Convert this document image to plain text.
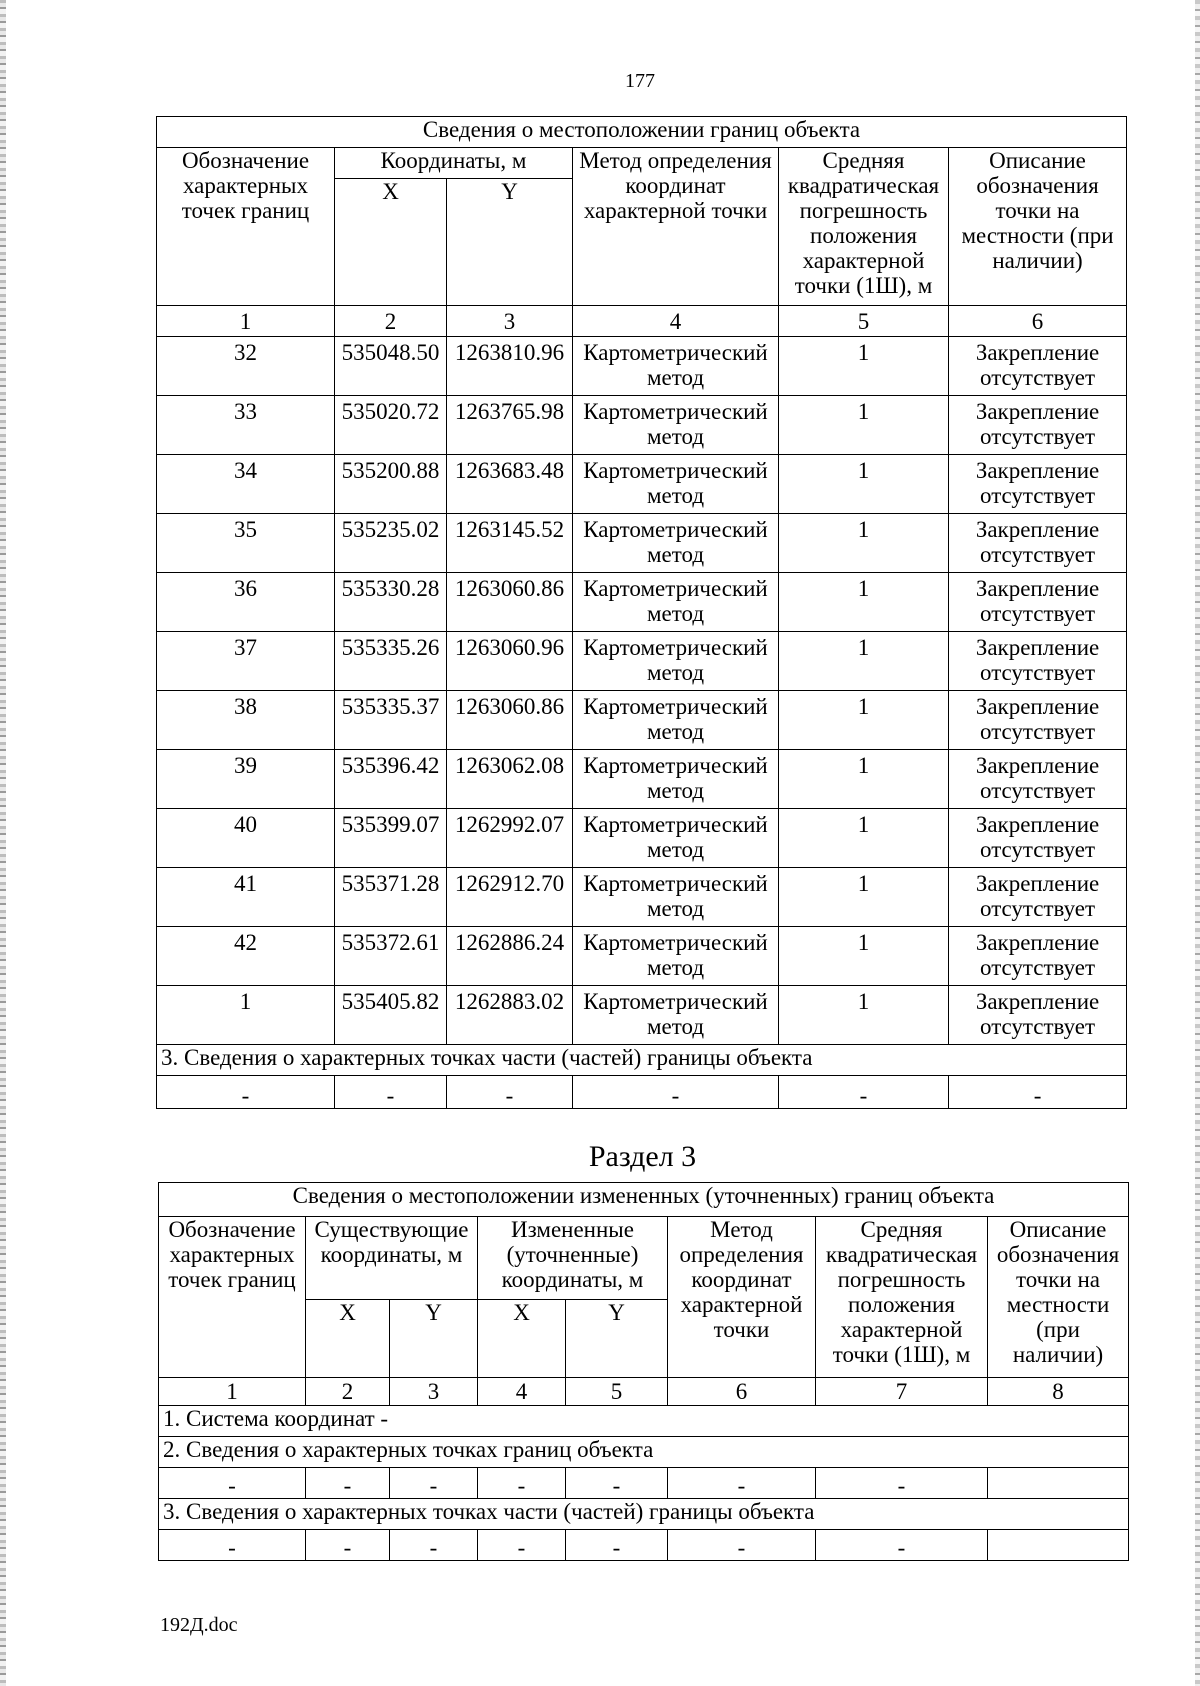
177
Сведения о местоположении границ объекта					
Обозначение характерных точек границ	Координаты, м		Метод определения координат характерной точки	Средняя квадратическая погрешность положения характерной точки (1Ш), м	Описание обозначения точки на местности (при наличии)
	X	Y			
1	2	3	4	5	6
32	535048.50	1263810.96	Картометрический метод	1	Закрепление отсутствует
33	535020.72	1263765.98	Картометрический метод	1	Закрепление отсутствует
34	535200.88	1263683.48	Картометрический метод	1	Закрепление отсутствует
35	535235.02	1263145.52	Картометрический метод	1	Закрепление отсутствует
36	535330.28	1263060.86	Картометрический метод	1	Закрепление отсутствует
37	535335.26	1263060.96	Картометрический метод	1	Закрепление отсутствует
38	535335.37	1263060.86	Картометрический метод	1	Закрепление отсутствует
39	535396.42	1263062.08	Картометрический метод	1	Закрепление отсутствует
40	535399.07	1262992.07	Картометрический метод	1	Закрепление отсутствует
41	535371.28	1262912.70	Картометрический метод	1	Закрепление отсутствует
42	535372.61	1262886.24	Картометрический метод	1	Закрепление отсутствует
1	535405.82	1262883.02	Картометрический метод	1	Закрепление отсутствует
3. Сведения о характерных точках части (частей) границы объекта					
-	-	-	-	-	-
Раздел 3
Сведения о местоположении измененных (уточненных) границ объекта							
Обозначение характерных точек границ	Существующие координаты, м		Измененные (уточненные) координаты, м		Метод определения координат характерной точки	Средняя квадратическая погрешность положения характерной точки (1Ш), м	Описание обозначения точки на местности (при наличии)
	X	Y	X	Y			
1	2	3	4	5	6	7	8
1. Система координат -							
2. Сведения о характерных точках границ объекта							
-	-	-	-	-	-	-	
3. Сведения о характерных точках части (частей) границы объекта							
-	-	-	-	-	-	-	
192Д.doc
